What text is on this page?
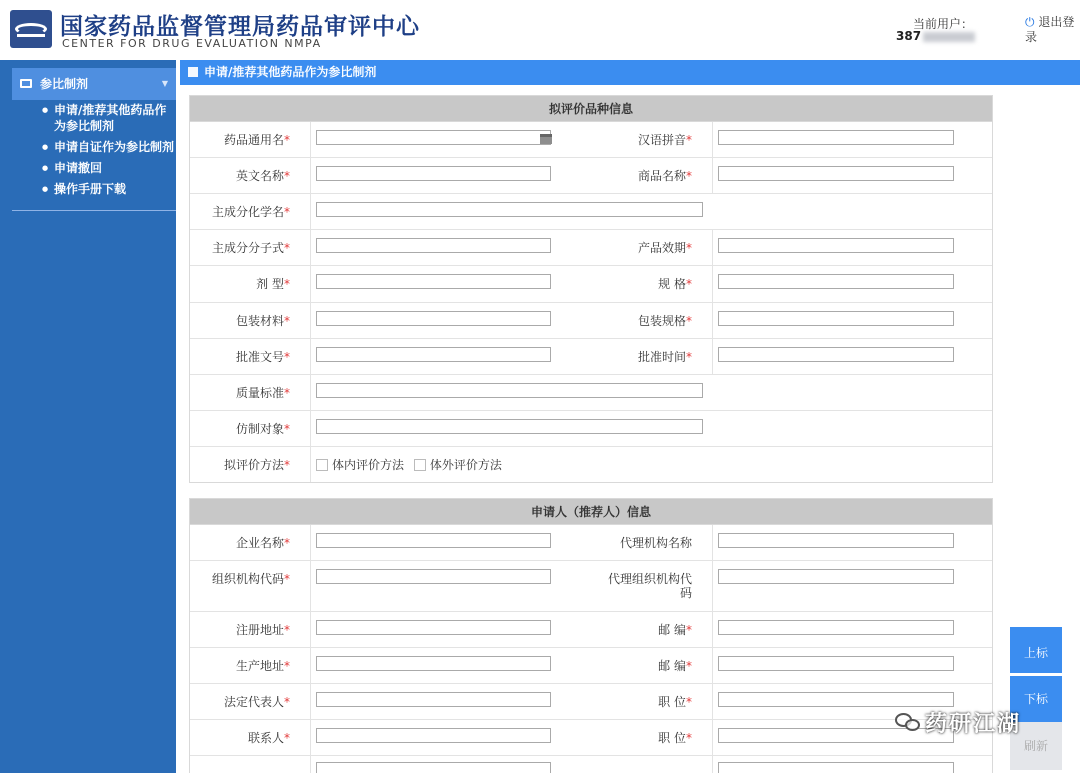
国家药品监督管理局药品审评中心
CENTER FOR DRUG EVALUATION NMPA
当前用户：
387
⏻ 退出登录
参比制剂	▼
● 申请/推荐其他药品作为参比制剂
● 申请自证作为参比制剂
● 申请撤回
● 操作手册下载
申请/推荐其他药品作为参比制剂
拟评价品种信息
药品通用名*	汉语拼音*
英文名称*	商品名称*
主成分化学名*
主成分分子式*	产品效期*
剂 型*	规 格*
包装材料*	包装规格*
批准文号*	批准时间*
质量标准*
仿制对象*
拟评价方法*	体内评价方法 体外评价方法
申请人（推荐人）信息
企业名称*	代理机构名称
组织机构代码*	代理组织机构代码
注册地址*	邮 编*
生产地址*	邮 编*
法定代表人*	职 位*
联系人*	职 位*
上标
下标
刷新
药研江湖
